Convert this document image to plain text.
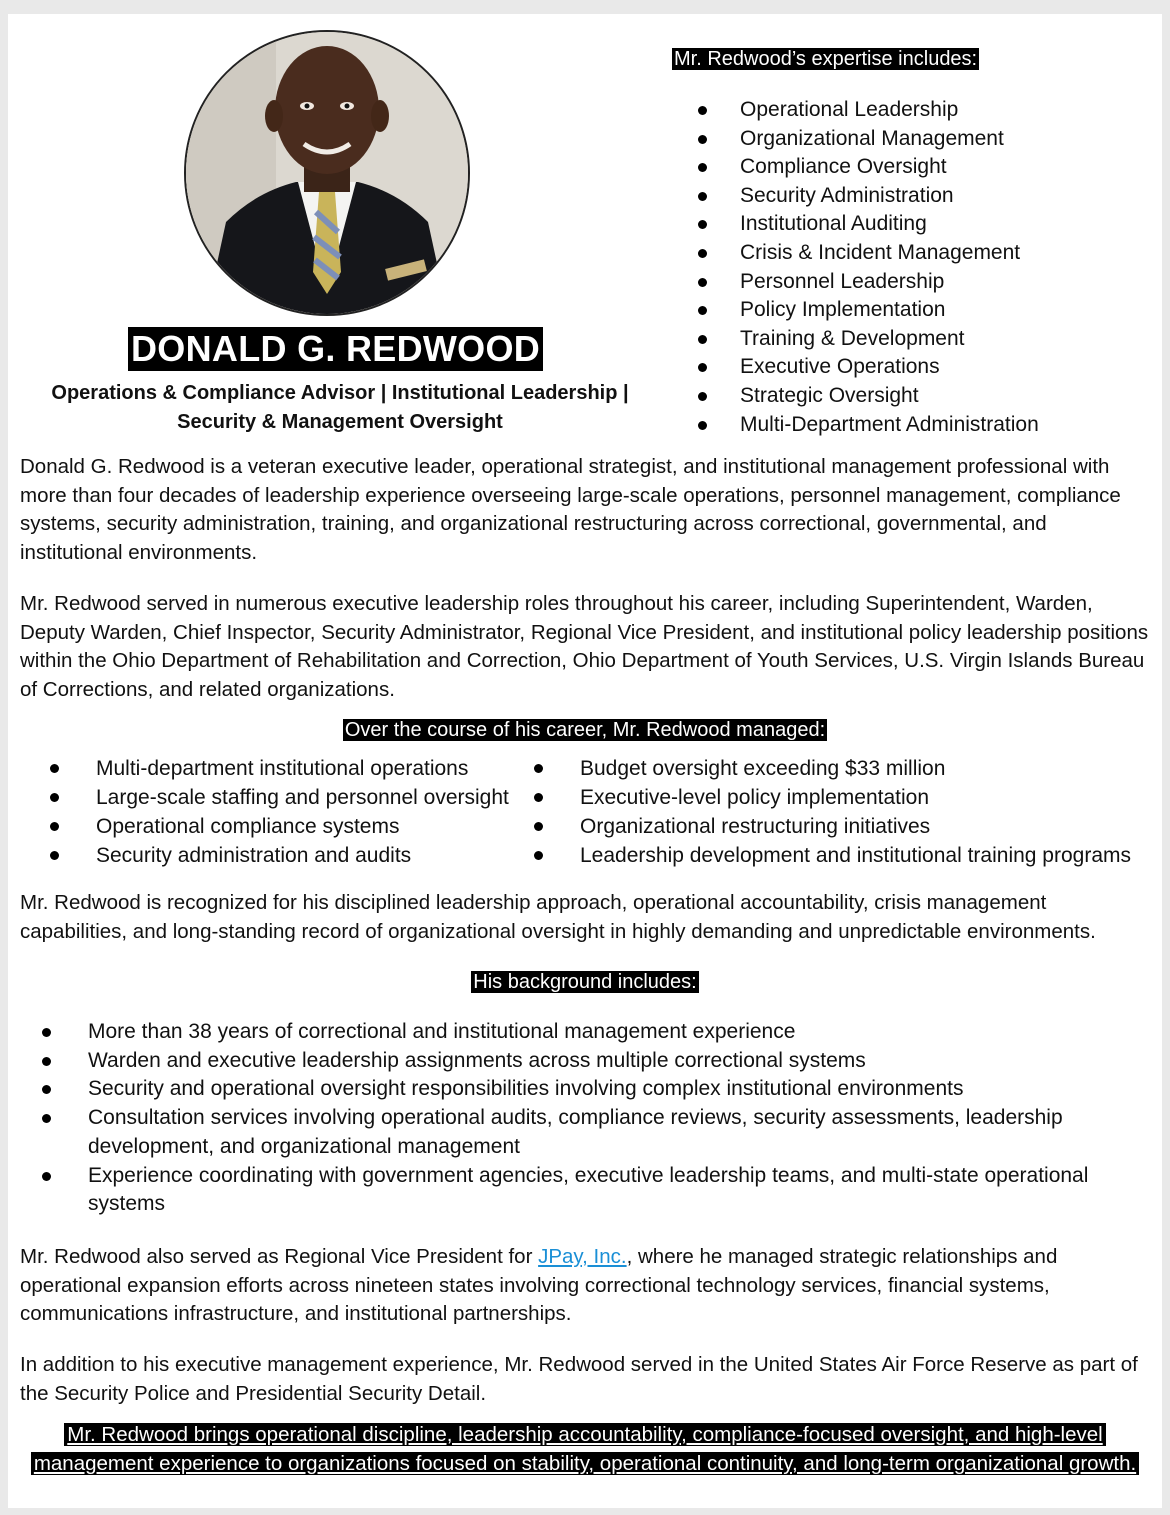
DONALD G. REDWOOD
Operations & Compliance Advisor | Institutional Leadership |
Security & Management Oversight
Mr. Redwood’s expertise includes:
Operational Leadership
Organizational Management
Compliance Oversight
Security Administration
Institutional Auditing
Crisis & Incident Management
Personnel Leadership
Policy Implementation
Training & Development
Executive Operations
Strategic Oversight
Multi-Department Administration

Donald G. Redwood is a veteran executive leader, operational strategist, and institutional management professional with more than four decades of leadership experience overseeing large-scale operations, personnel management, compliance systems, security administration, training, and organizational restructuring across correctional, governmental, and institutional environments.

Mr. Redwood served in numerous executive leadership roles throughout his career, including Superintendent, Warden, Deputy Warden, Chief Inspector, Security Administrator, Regional Vice President, and institutional policy leadership positions within the Ohio Department of Rehabilitation and Correction, Ohio Department of Youth Services, U.S. Virgin Islands Bureau of Corrections, and related organizations.

Over the course of his career, Mr. Redwood managed:
Multi-department institutional operations
Large-scale staffing and personnel oversight
Operational compliance systems
Security administration and audits
Budget oversight exceeding $33 million
Executive-level policy implementation
Organizational restructuring initiatives
Leadership development and institutional training programs

Mr. Redwood is recognized for his disciplined leadership approach, operational accountability, crisis management capabilities, and long-standing record of organizational oversight in highly demanding and unpredictable environments.

His background includes:
More than 38 years of correctional and institutional management experience
Warden and executive leadership assignments across multiple correctional systems
Security and operational oversight responsibilities involving complex institutional environments
Consultation services involving operational audits, compliance reviews, security assessments, leadership development, and organizational management
Experience coordinating with government agencies, executive leadership teams, and multi-state operational systems

Mr. Redwood also served as Regional Vice President for JPay, Inc., where he managed strategic relationships and operational expansion efforts across nineteen states involving correctional technology services, financial systems, communications infrastructure, and institutional partnerships.

In addition to his executive management experience, Mr. Redwood served in the United States Air Force Reserve as part of the Security Police and Presidential Security Detail.

Mr. Redwood brings operational discipline, leadership accountability, compliance-focused oversight, and high-level management experience to organizations focused on stability, operational continuity, and long-term organizational growth.
